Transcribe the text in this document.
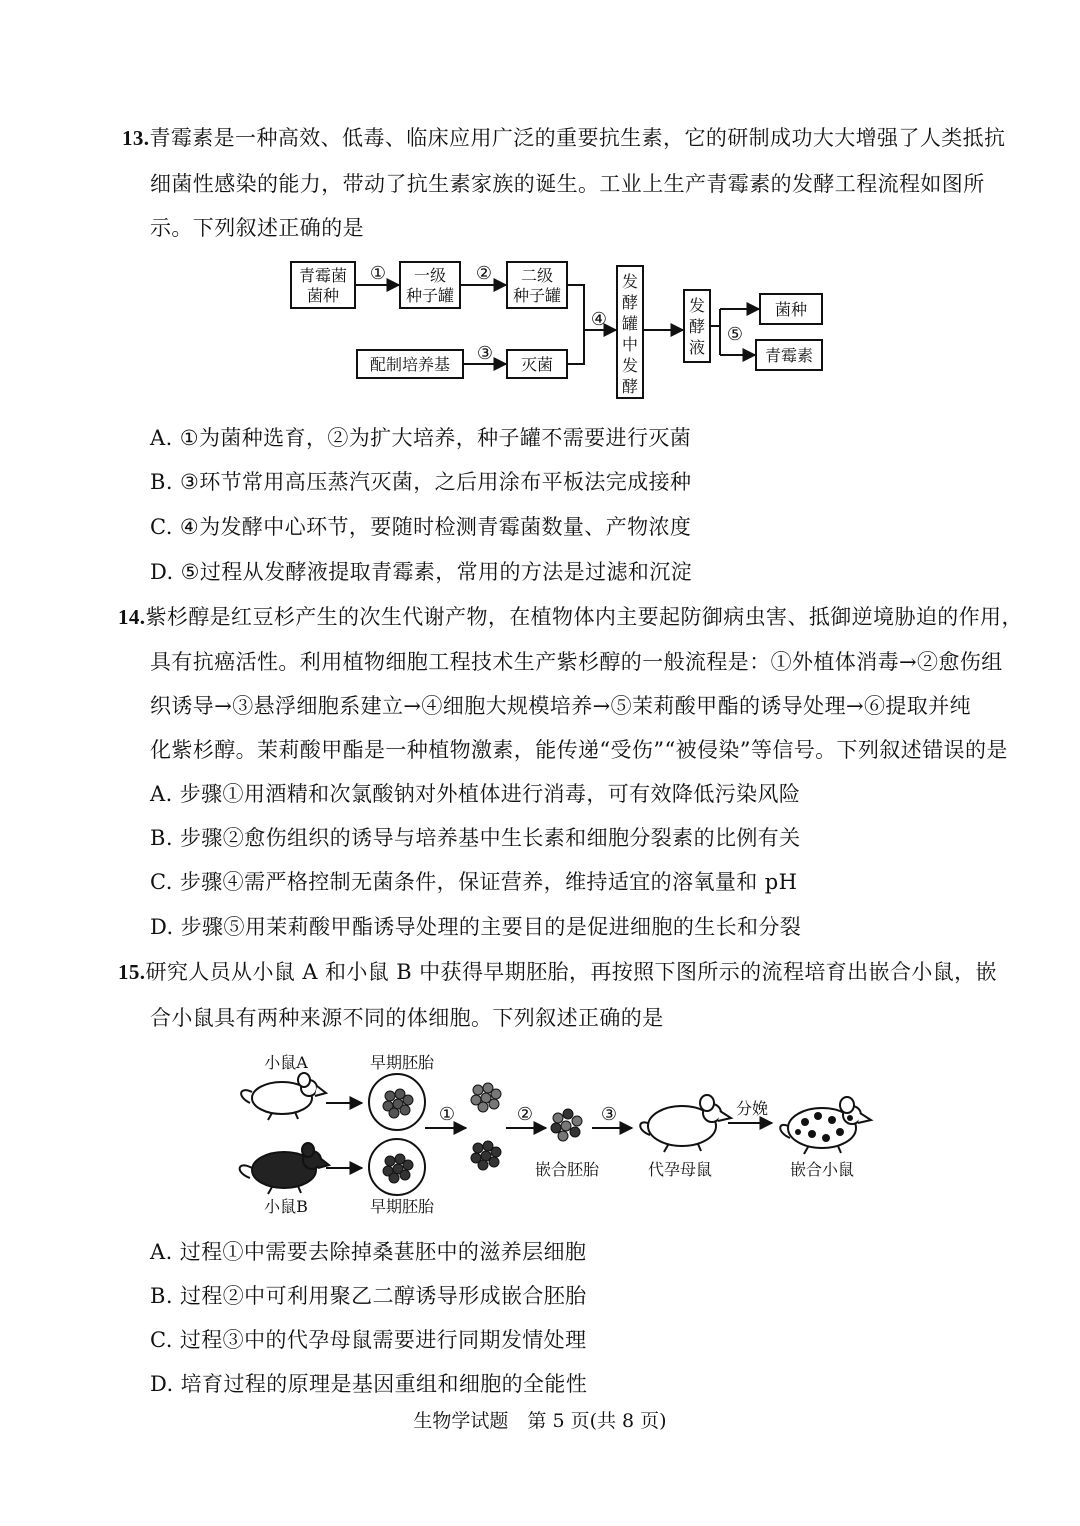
13.青霉素是一种高效、低毒、临床应用广泛的重要抗生素，它的研制成功大大增强了人类抵抗
细菌性感染的能力，带动了抗生素家族的诞生。工业上生产青霉素的发酵工程流程如图所
示。下列叙述正确的是
青霉菌
菌种
一级
种子罐
二级
种子罐
配制培养基	灭菌
发
酵
罐
中
发
酵
发
酵
液
菌种
青霉素
①	②
③
④
⑤
A. ①为菌种选育，②为扩大培养，种子罐不需要进行灭菌
B. ③环节常用高压蒸汽灭菌，之后用涂布平板法完成接种
C. ④为发酵中心环节，要随时检测青霉菌数量、产物浓度
D. ⑤过程从发酵液提取青霉素，常用的方法是过滤和沉淀
14.紫杉醇是红豆杉产生的次生代谢产物，在植物体内主要起防御病虫害、抵御逆境胁迫的作用，
具有抗癌活性。利用植物细胞工程技术生产紫杉醇的一般流程是：①外植体消毒→②愈伤组
织诱导→③悬浮细胞系建立→④细胞大规模培养→⑤茉莉酸甲酯的诱导处理→⑥提取并纯
化紫杉醇。茉莉酸甲酯是一种植物激素，能传递“受伤”“被侵染”等信号。下列叙述错误的是
A. 步骤①用酒精和次氯酸钠对外植体进行消毒，可有效降低污染风险
B. 步骤②愈伤组织的诱导与培养基中生长素和细胞分裂素的比例有关
C. 步骤④需严格控制无菌条件，保证营养，维持适宜的溶氧量和 pH
D. 步骤⑤用茉莉酸甲酯诱导处理的主要目的是促进细胞的生长和分裂
15.研究人员从小鼠 A 和小鼠 B 中获得早期胚胎，再按照下图所示的流程培育出嵌合小鼠，嵌
合小鼠具有两种来源不同的体细胞。下列叙述正确的是
小鼠A	早期胚胎
小鼠B	早期胚胎
①	②	③	分娩
嵌合胚胎	代孕母鼠	嵌合小鼠
A. 过程①中需要去除掉桑葚胚中的滋养层细胞
B. 过程②中可利用聚乙二醇诱导形成嵌合胚胎
C. 过程③中的代孕母鼠需要进行同期发情处理
D. 培育过程的原理是基因重组和细胞的全能性
生物学试题　第 5 页(共 8 页)
